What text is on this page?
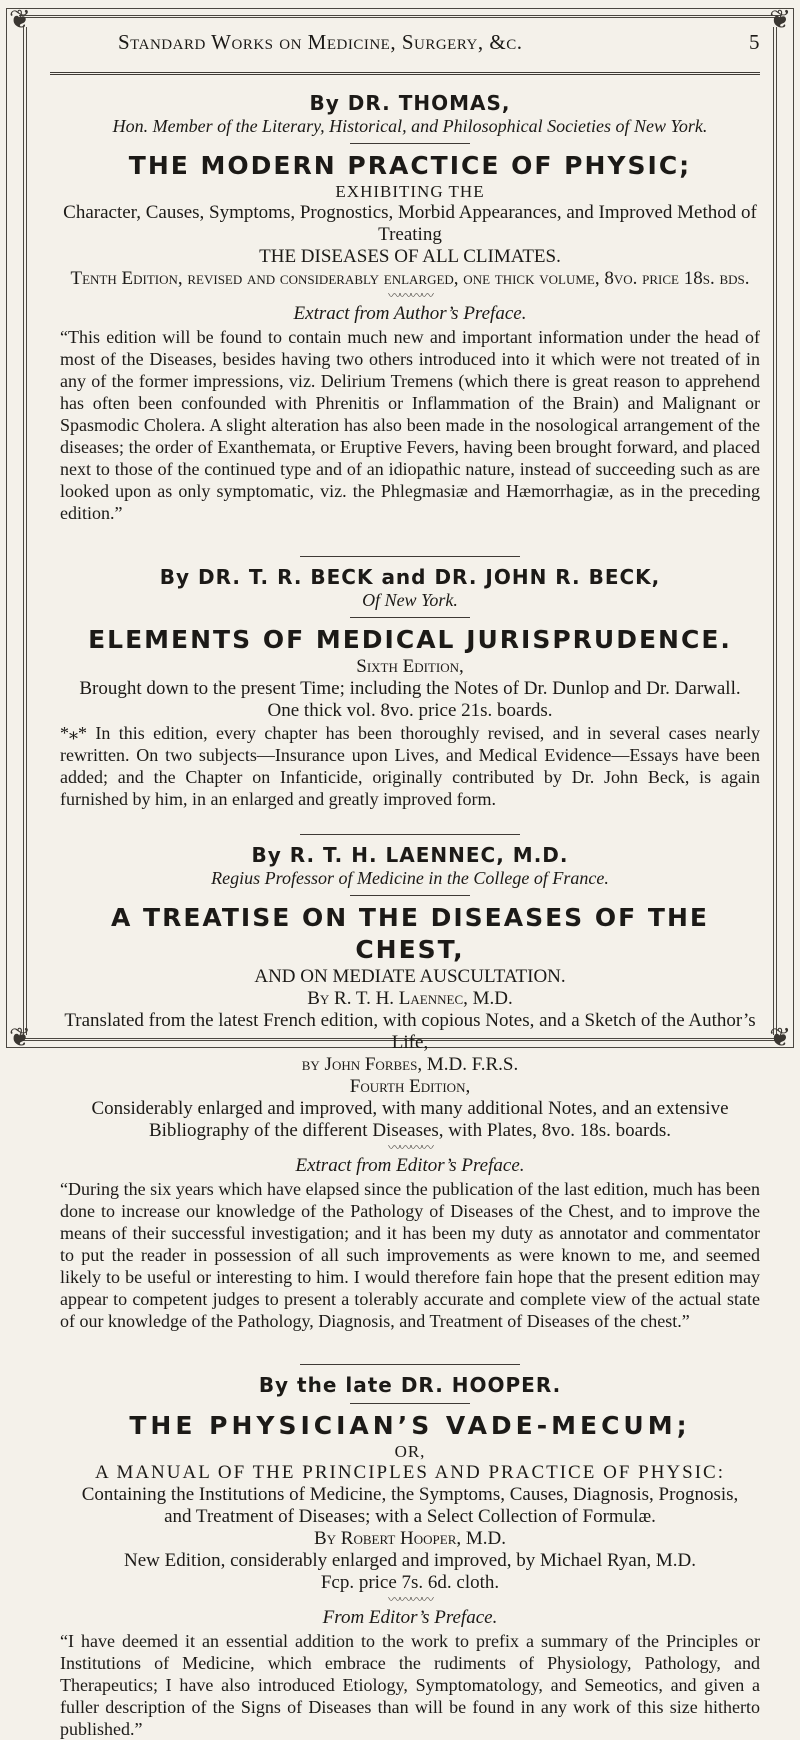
❦	❦
❦	❦
Standard Works on Medicine, Surgery, &c.	5
By DR. THOMAS,
Hon. Member of the Literary, Historical, and Philosophical Societies of New York.
THE MODERN PRACTICE OF PHYSIC;
EXHIBITING THE
Character, Causes, Symptoms, Prognostics, Morbid Appearances, and Improved Method of Treating
THE DISEASES OF ALL CLIMATES.
Tenth Edition, revised and considerably enlarged, one thick volume, 8vo. price 18s. bds.
〰〰〰〰
Extract from Author’s Preface.
“This edition will be found to contain much new and important information under the head of most of the Diseases, besides having two others introduced into it which were not treated of in any of the former impressions, viz. Delirium Tremens (which there is great reason to apprehend has often been confounded with Phrenitis or Inflammation of the Brain) and Malignant or Spasmodic Cholera. A slight alteration has also been made in the nosological arrangement of the diseases; the order of Exanthemata, or Eruptive Fevers, having been brought forward, and placed next to those of the continued type and of an idiopathic nature, instead of succeeding such as are looked upon as only symptomatic, viz. the Phlegmasiæ and Hæmorrhagiæ, as in the preceding edition.”
By DR. T. R. BECK and DR. JOHN R. BECK,
Of New York.
ELEMENTS OF MEDICAL JURISPRUDENCE.
Sixth Edition,
Brought down to the present Time; including the Notes of Dr. Dunlop and Dr. Darwall.
One thick vol. 8vo. price 21s. boards.
*⁎* In this edition, every chapter has been thoroughly revised, and in several cases nearly rewritten. On two subjects—Insurance upon Lives, and Medical Evidence—Essays have been added; and the Chapter on Infanticide, originally contributed by Dr. John Beck, is again furnished by him, in an enlarged and greatly improved form.
By R. T. H. LAENNEC, M.D.
Regius Professor of Medicine in the College of France.
A TREATISE ON THE DISEASES OF THE CHEST,
AND ON MEDIATE AUSCULTATION.
By R. T. H. Laennec, M.D.
Translated from the latest French edition, with copious Notes, and a Sketch of the Author’s Life,
by John Forbes, M.D. F.R.S.
Fourth Edition,
Considerably enlarged and improved, with many additional Notes, and an extensive
Bibliography of the different Diseases, with Plates, 8vo. 18s. boards.
〰〰〰〰
Extract from Editor’s Preface.
“During the six years which have elapsed since the publication of the last edition, much has been done to increase our knowledge of the Pathology of Diseases of the Chest, and to improve the means of their successful investigation; and it has been my duty as annotator and commentator to put the reader in possession of all such improvements as were known to me, and seemed likely to be useful or interesting to him. I would therefore fain hope that the present edition may appear to competent judges to present a tolerably accurate and complete view of the actual state of our knowledge of the Pathology, Diagnosis, and Treatment of Diseases of the chest.”
By the late DR. HOOPER.
THE PHYSICIAN’S VADE-MECUM;
OR,
A MANUAL OF THE PRINCIPLES AND PRACTICE OF PHYSIC:
Containing the Institutions of Medicine, the Symptoms, Causes, Diagnosis, Prognosis,
and Treatment of Diseases; with a Select Collection of Formulæ.
By Robert Hooper, M.D.
New Edition, considerably enlarged and improved, by Michael Ryan, M.D.
Fcp. price 7s. 6d. cloth.
〰〰〰〰
From Editor’s Preface.
“I have deemed it an essential addition to the work to prefix a summary of the Principles or Institutions of Medicine, which embrace the rudiments of Physiology, Pathology, and Therapeutics; I have also introduced Etiology, Symptomatology, and Semeotics, and given a fuller description of the Signs of Diseases than will be found in any work of this size hitherto published.”
